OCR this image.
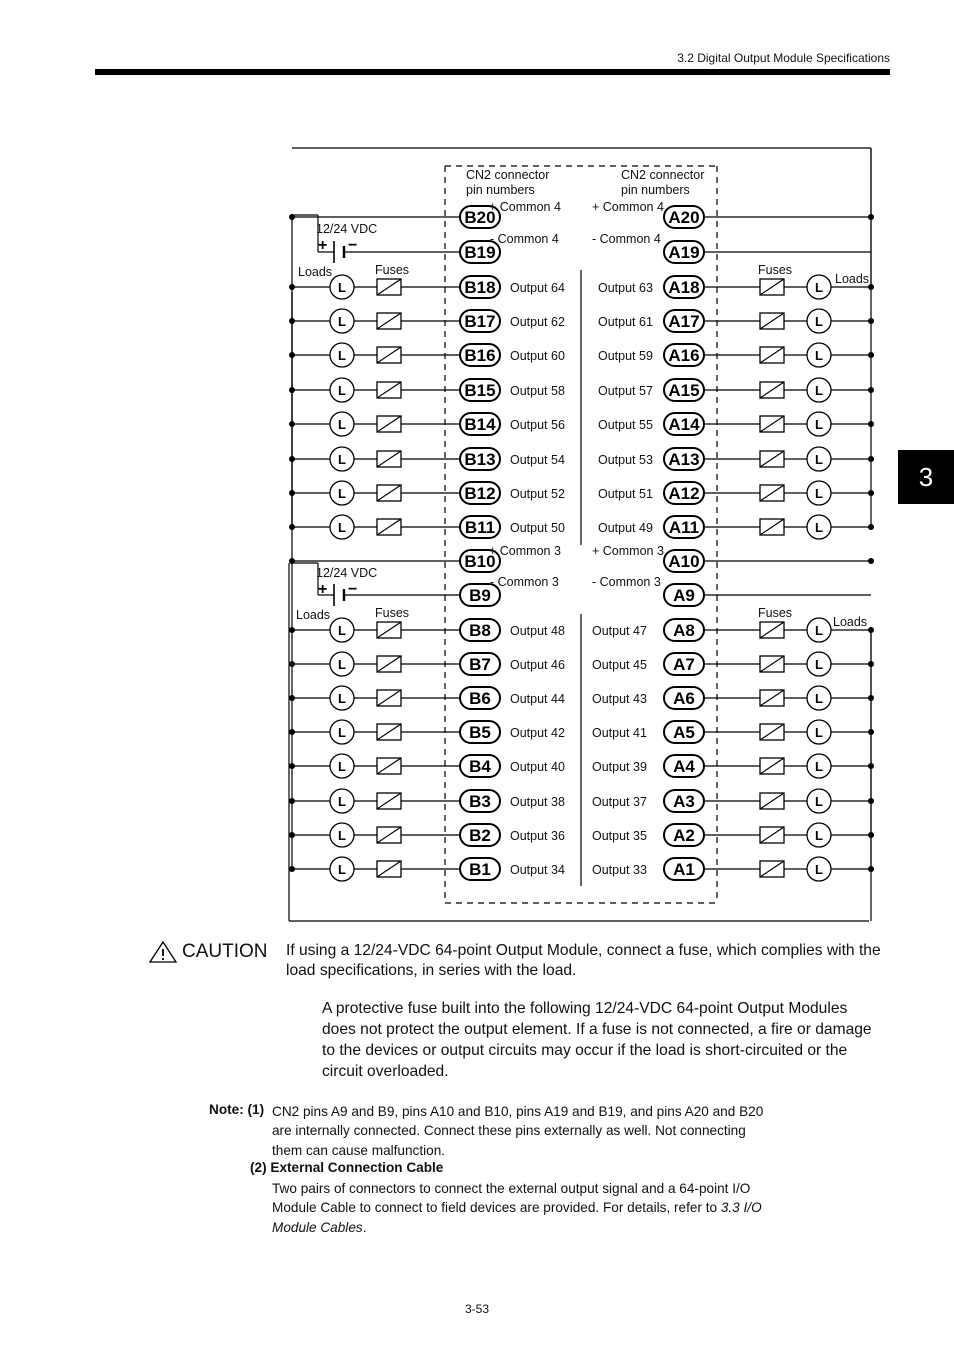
3.2 Digital Output Module Specifications
3
CN2 connector
pin numbers
CN2 connector
pin numbers
B20	A20
+ Common 4 + Common 4
B19	A19
12/24 VDC
+ −	- Common 4	- Common 4
Loads	Fuses	Fuses
Loads
L	L
B18	A18
Output 64	Output 63
L	L
B17	A17
Output 62	Output 61
L	L
B16	A16
Output 60	Output 59
L	L
B15	A15
Output 58	Output 57
L	L
B14	A14
Output 56	Output 55
L	L
B13	A13
Output 54	Output 53
L	L
B12	A12
Output 52	Output 51
L	L
B11	A11
Output 50	Output 49
B10	A10
+ Common 3 + Common 3
B9	A9
12/24 VDC
+ −	- Common 3	- Common 3
Loads	Fuses	Fuses
Loads
L	L
B8	A8
Output 48 Output 47
L	L
B7	A7
Output 46 Output 45
L	L
B6	A6
Output 44 Output 43
L	L
B5	A5
Output 42 Output 41
L	L
B4	A4
Output 40 Output 39
L	L
B3	A3
Output 38 Output 37
L	L
B2	A2
Output 36 Output 35
L	L
B1	A1
Output 34 Output 33
CAUTION If using a 12/24-VDC 64-point Output Module, connect a fuse, which complies with the load specifications, in series with the load.
A protective fuse built into the following 12/24-VDC 64-point Output Modules does not protect the output element. If a fuse is not connected, a fire or damage to the devices or output circuits may occur if the load is short-circuited or the circuit overloaded.
Note: (1) CN2 pins A9 and B9, pins A10 and B10, pins A19 and B19, and pins A20 and B20 are internally connected. Connect these pins externally as well. Not connecting them can cause malfunction.
(2) External Connection Cable
Two pairs of connectors to connect the external output signal and a 64-point I/O Module Cable to connect to field devices are provided. For details, refer to 3.3 I/O Module Cables.
3-53
